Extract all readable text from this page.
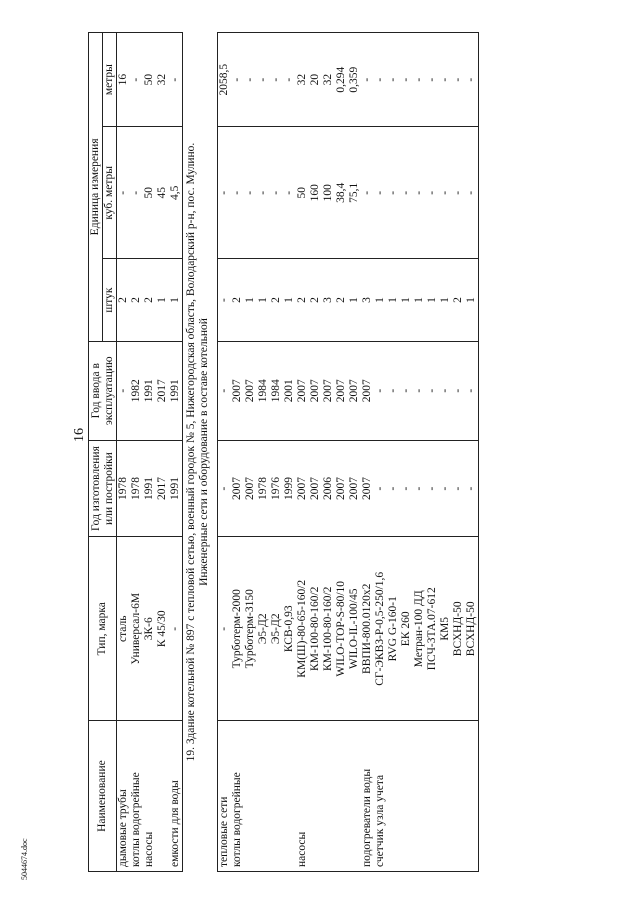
16
5044674.doc
Наименование	Тип, марка	Год изготовления или постройки	Год ввода в эксплуатацию	Единица измерения		
				штук	куб. метры	метры
дымовые трубы	сталь	1978	-	2	-	16
котлы водогрейные	Универсал-6М	1978	1982	2	-	-
насосы	3К-6	1991	1991	2	50	50
	К 45/30	2017	2017	1	45	32
емкости для воды	-	1991	1991	1	4,5	-

19. Здание котельной № 897 с тепловой сетью, военный городок № 5, Нижегородская область, Володарский р-н, пос. Мулино. Инженерные сети и оборудование в составе котельной						

тепловые сети	-	-	-	-	-	2058,5
котлы водогрейные	Турботерм-2000	2007	2007	2	-	-
	Турботерм-3150	2007	2007	1	-	-
	Э5-Д2	1978	1984	1	-	-
	Э5-Д2	1976	1984	2	-	-
	КСВ-0,93	1999	2001	1	-	-
насосы	КМ(Ш)-80-65-160/2	2007	2007	2	50	32
	КМ-100-80-160/2	2007	2007	2	160	20
	КМ-100-80-160/2	2006	2007	3	100	32
	WILO-TOP-S-80/10	2007	2007	2	38,4	0,294
	WILO-IL-100/45	2007	2007	1	75,1	0,359
подогреватели воды	ВВПИ-800.0120х2	2007	2007	3	-	-
счетчик узла учета	СГ-ЭКВЗ-Р-0,5-250/1,6	-	-	1	-	-
	RVG G-160-1	-	-	1	-	-
	ЕК 260	-	-	1	-	-
	Метран-100 ДД	-	-	1	-	-
	ПСЧ-3ТА.07-612	-	-	1	-	-
	КМ5	-	-	1	-	-
	ВСХНД-50	-	-	2	-	-
	ВСХНД-50	-	-	1	-	-
